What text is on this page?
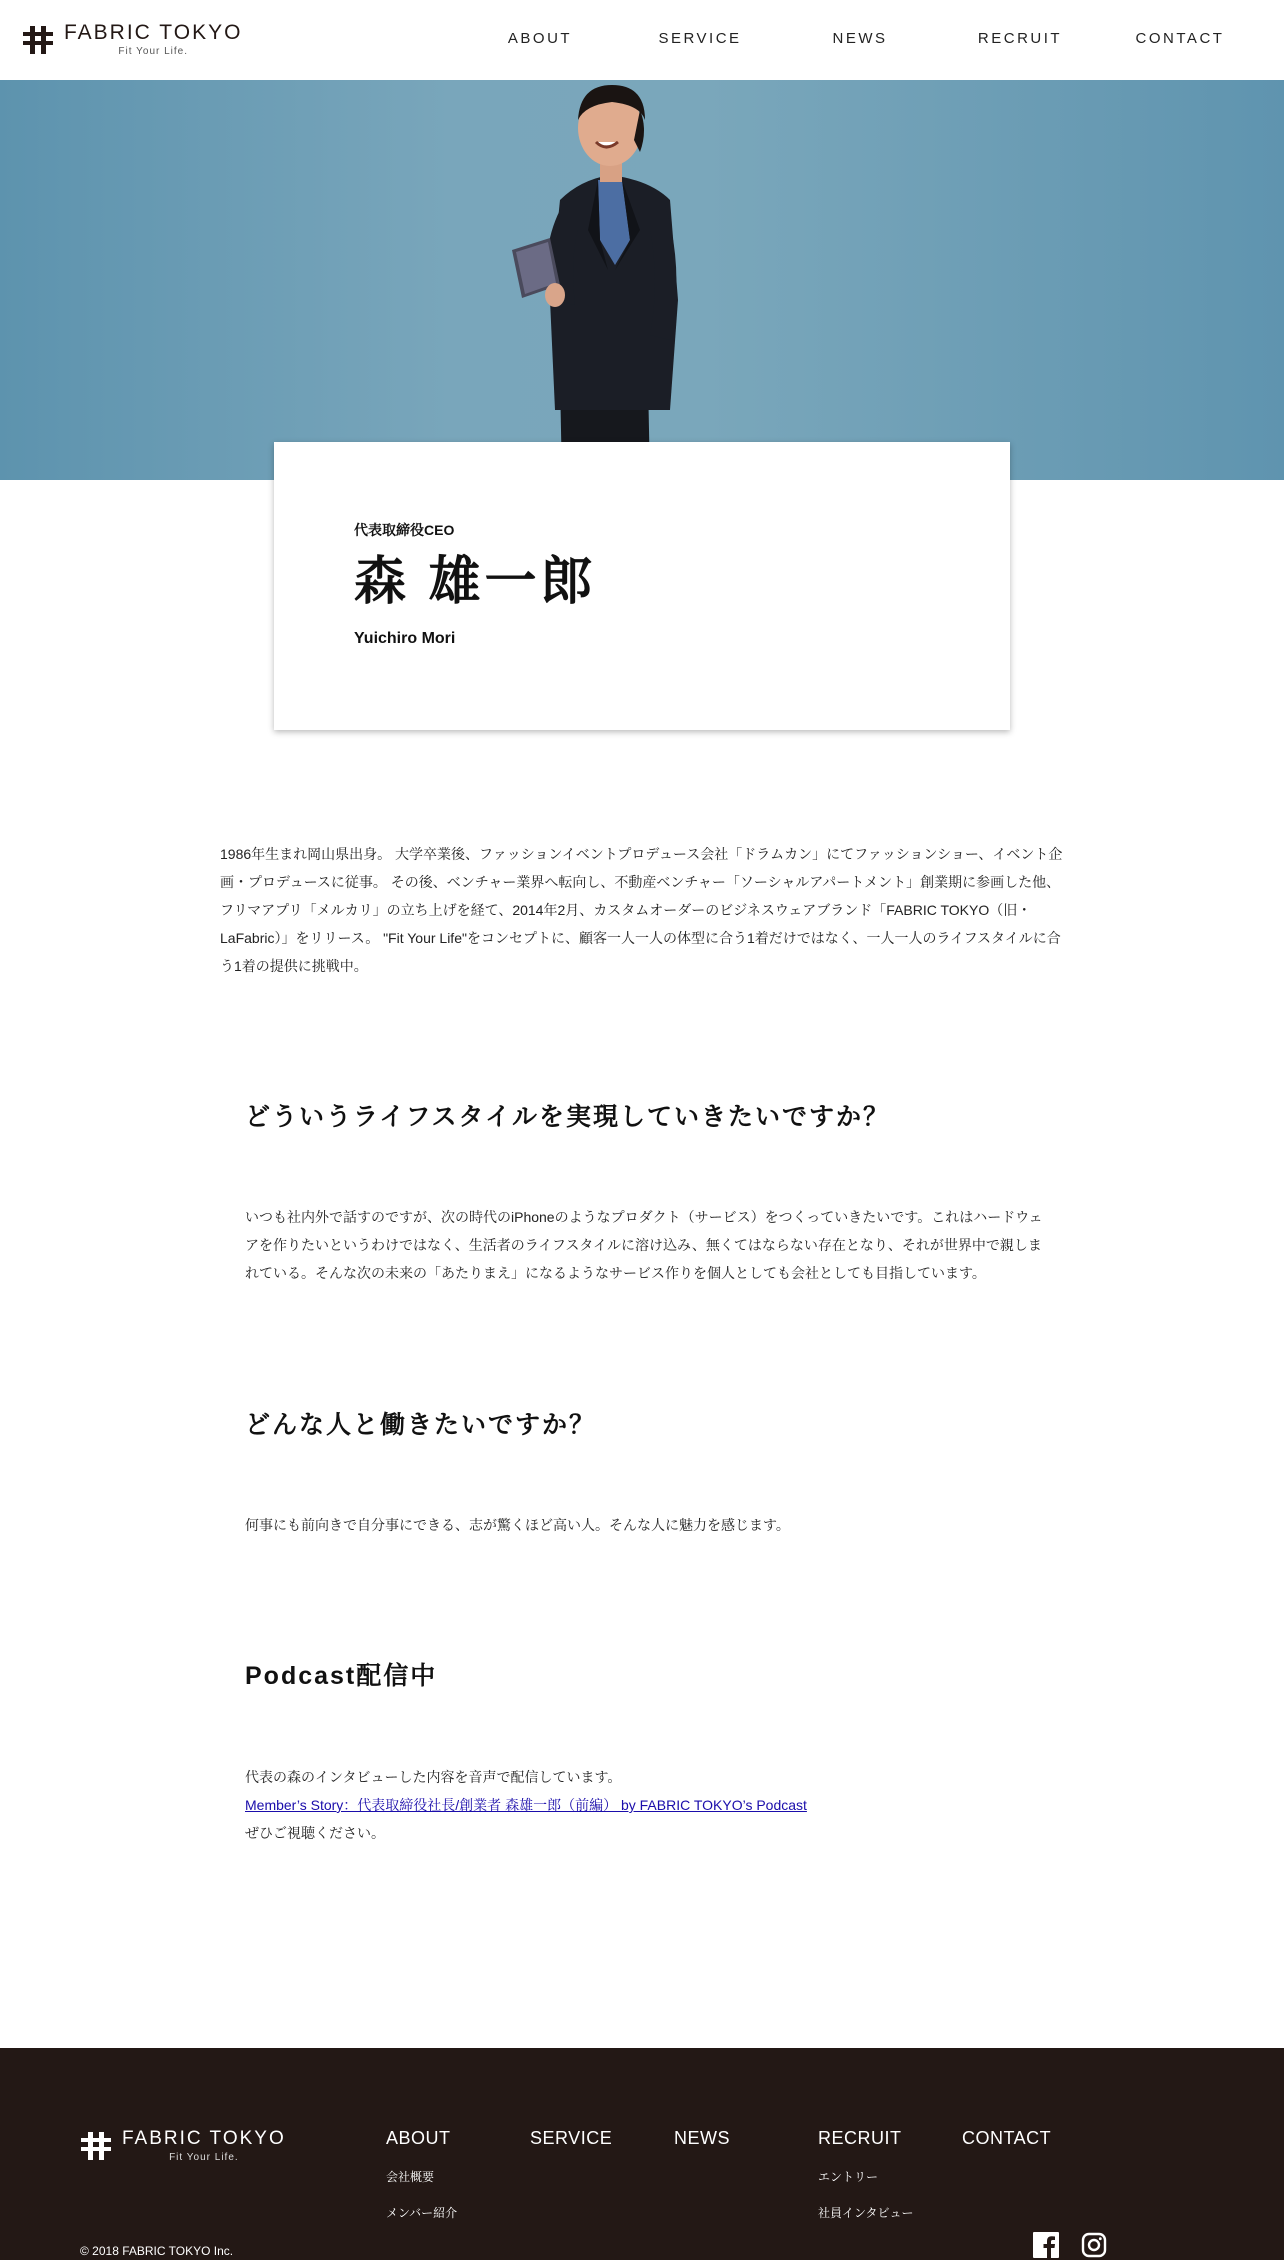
FABRIC TOKYO
Fit Your Life.
ABOUT	SERVICE	NEWS	RECRUIT	CONTACT
代表取締役CEO
森 雄一郎
Yuichiro Mori
1986年生まれ岡山県出身。 大学卒業後、ファッションイベントプロデュース会社「ドラムカン」にてファッションショー、イベント企画・プロデュースに従事。 その後、ベンチャー業界へ転向し、不動産ベンチャー「ソーシャルアパートメント」創業期に参画した他、フリマアプリ「メルカリ」の立ち上げを経て、2014年2月、カスタムオーダーのビジネスウェアブランド「FABRIC TOKYO（旧・LaFabric）」をリリース。 "Fit Your Life"をコンセプトに、顧客一人一人の体型に合う1着だけではなく、一人一人のライフスタイルに合う1着の提供に挑戦中。
どういうライフスタイルを実現していきたいですか？
いつも社内外で話すのですが、次の時代のiPhoneのようなプロダクト（サービス）をつくっていきたいです。これはハードウェアを作りたいというわけではなく、生活者のライフスタイルに溶け込み、無くてはならない存在となり、それが世界中で親しまれている。そんな次の未来の「あたりまえ」になるようなサービス作りを個人としても会社としても目指しています。
どんな人と働きたいですか？
何事にも前向きで自分事にできる、志が驚くほど高い人。そんな人に魅力を感じます。
Podcast配信中
代表の森のインタビューした内容を音声で配信しています。
Member’s Story：代表取締役社長/創業者 森雄一郎（前編） by FABRIC TOKYO’s Podcast
ぜひご視聴ください。
FABRIC TOKYO
Fit Your Life.
ABOUT
会社概要
メンバー紹介
SERVICE	NEWS	RECRUIT
エントリー
社員インタビュー
CONTACT
© 2018 FABRIC TOKYO Inc.
